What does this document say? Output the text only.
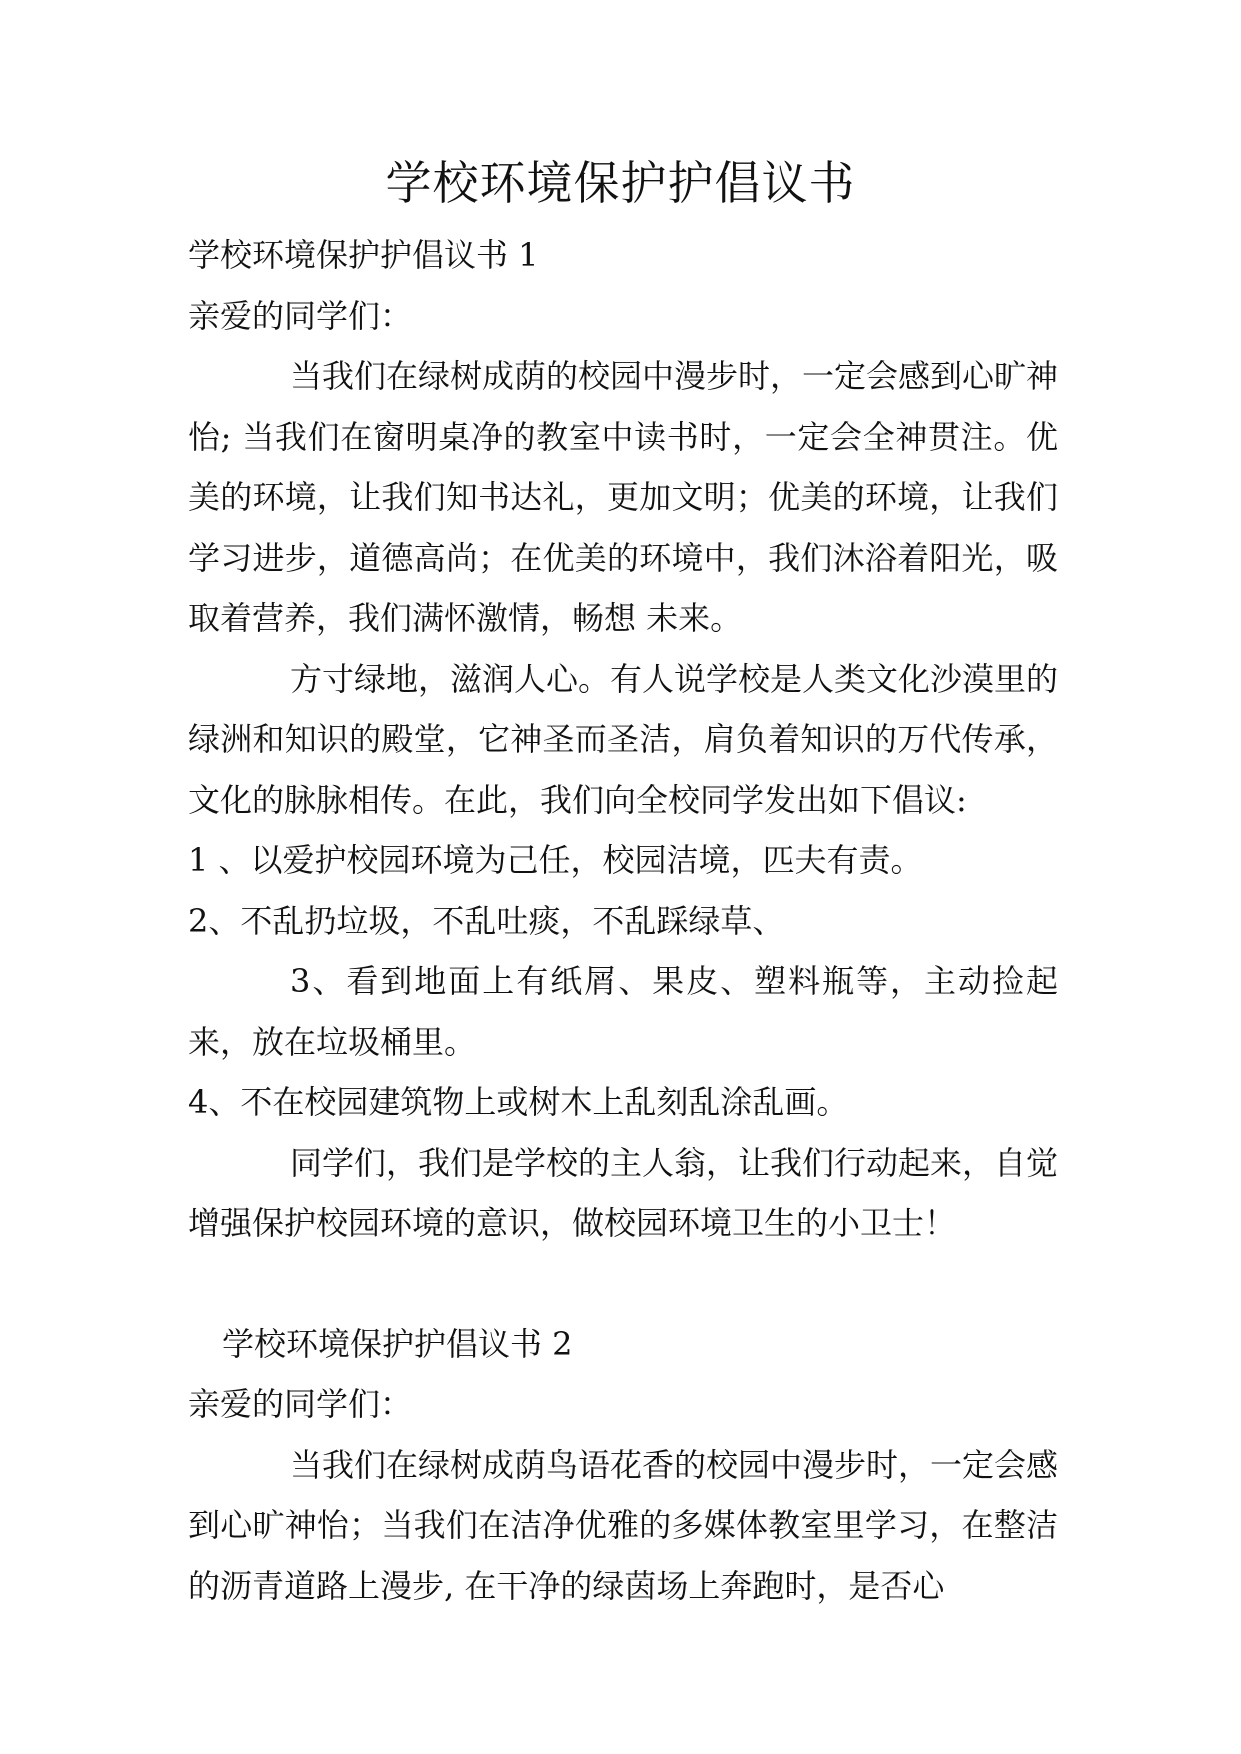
学校环境保护护倡议书

学校环境保护护倡议书 1

亲爱的同学们：

当我们在绿树成荫的校园中漫步时，一定会感到心旷神怡; 当我们在窗明桌净的教室中读书时，一定会全神贯注。优美的环境，让我们知书达礼，更加文明；优美的环境，让我们学习进步，道德高尚；在优美的环境中，我们沐浴着阳光，吸取着营养，我们满怀激情，畅想 未来。

方寸绿地，滋润人心。有人说学校是人类文化沙漠里的绿洲和知识的殿堂，它神圣而圣洁，肩负着知识的万代传承，文化的脉脉相传。在此，我们向全校同学发出如下倡议:

1 、以爱护校园环境为己任，校园洁境，匹夫有责。

2、不乱扔垃圾，不乱吐痰，不乱踩绿草、

3、看到地面上有纸屑、果皮、塑料瓶等，主动捡起来，放在垃圾桶里。

4、不在校园建筑物上或树木上乱刻乱涂乱画。

同学们，我们是学校的主人翁，让我们行动起来，自觉增强保护校园环境的意识，做校园环境卫生的小卫士！

学校环境保护护倡议书 2

亲爱的同学们：

当我们在绿树成荫鸟语花香的校园中漫步时，一定会感到心旷神怡；当我们在洁净优雅的多媒体教室里学习，在整洁的沥青道路上漫步, 在干净的绿茵场上奔跑时，是否心
